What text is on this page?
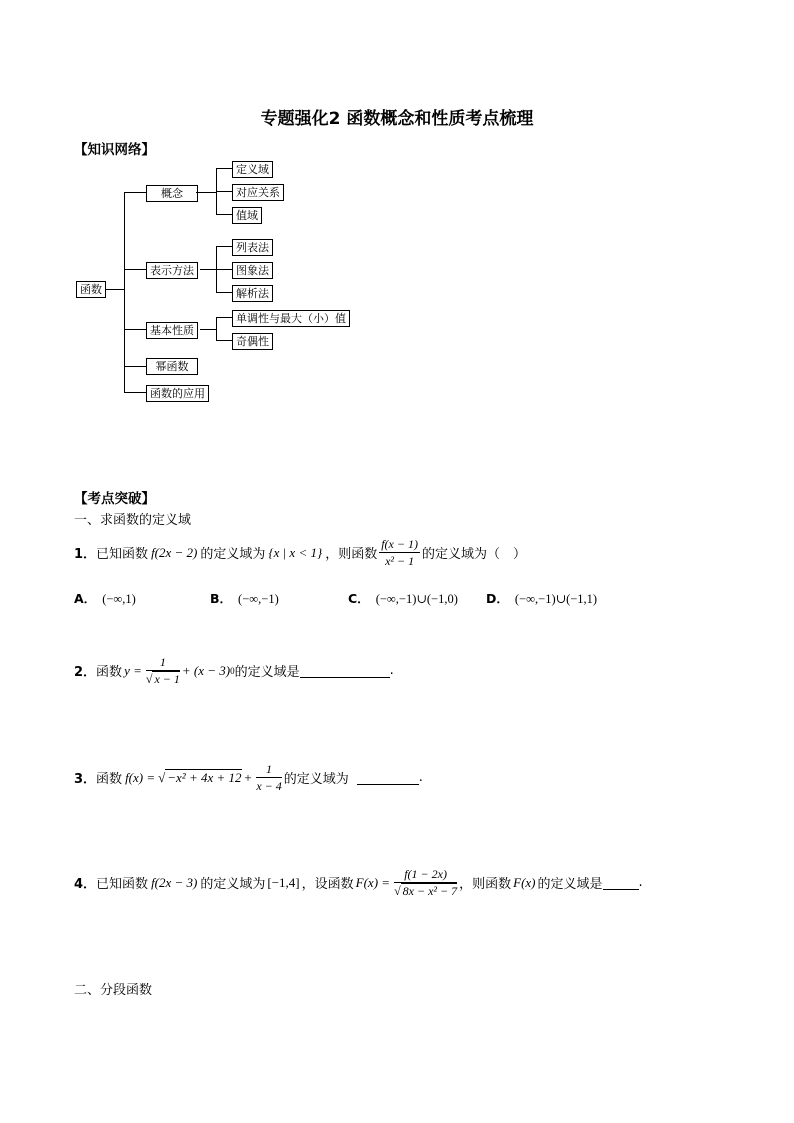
专题强化2 函数概念和性质考点梳理
【知识网络】
函数
概念
定义域
对应关系
值域
表示方法
列表法
图象法
解析法
基本性质
单调性与最大（小）值
奇偶性
幂函数
函数的应用
【考点突破】
一、求函数的定义域
1． 已知函数 f(2x − 2) 的定义域为 {x | x < 1} ，则函数 $\frac{f(x - 1)}{\text{x² − 1}}$ 的定义域为（　）
A． (−∞,1)	B． (−∞,−1)	C． (−∞,−1)∪(−1,0) D． (−∞,−1)∪(−1,1)
2． 函数 $y = \frac{1}{√ x - 1} + (x - 3)$ 0 的定义域是	.
3． 函数 f(x) = √ $-x^2 + 4x + 12 + \frac{1}{x - 4}$ 的定义域为	.
4． 已知函数 f(2x − 3) 的定义域为 [−1,4] ，设函数 $F(x) = \frac{f(1 - 2x)}{\text{√ 8x − x² − 7}}$ ，则函数 F(x) 的定义域是	.
二、分段函数
